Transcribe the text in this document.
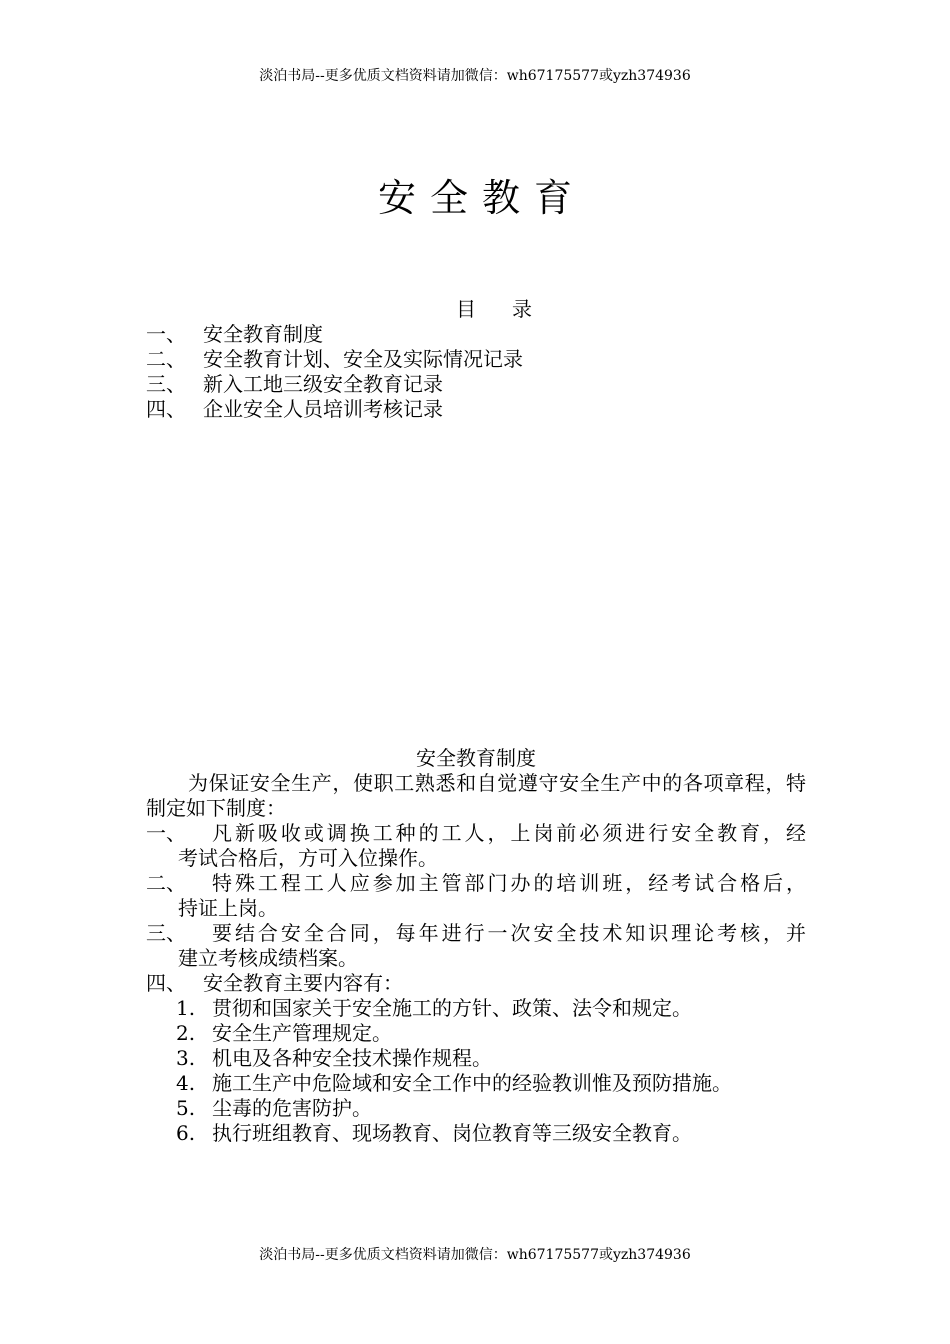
淡泊书局--更多优质文档资料请加微信：wh67175577或yzh374936
安全教育
目录
一、 安全教育制度
二、 安全教育计划、安全及实际情况记录
三、 新入工地三级安全教育记录
四、 企业安全人员培训考核记录
安全教育制度
为保证安全生产，使职工熟悉和自觉遵守安全生产中的各项章程，特制定如下制度：
一、	凡新吸收或调换工种的工人，上岗前必须进行安全教育，经
考试合格后，方可入位操作。
二、	特殊工程工人应参加主管部门办的培训班，经考试合格后，
持证上岗。
三、	要结合安全合同，每年进行一次安全技术知识理论考核，并
建立考核成绩档案。
四、 安全教育主要内容有：
1. 贯彻和国家关于安全施工的方针、政策、法令和规定。
2. 安全生产管理规定。
3. 机电及各种安全技术操作规程。
4. 施工生产中危险域和安全工作中的经验教训惟及预防措施。
5. 尘毒的危害防护。
6. 执行班组教育、现场教育、岗位教育等三级安全教育。
淡泊书局--更多优质文档资料请加微信：wh67175577或yzh374936
